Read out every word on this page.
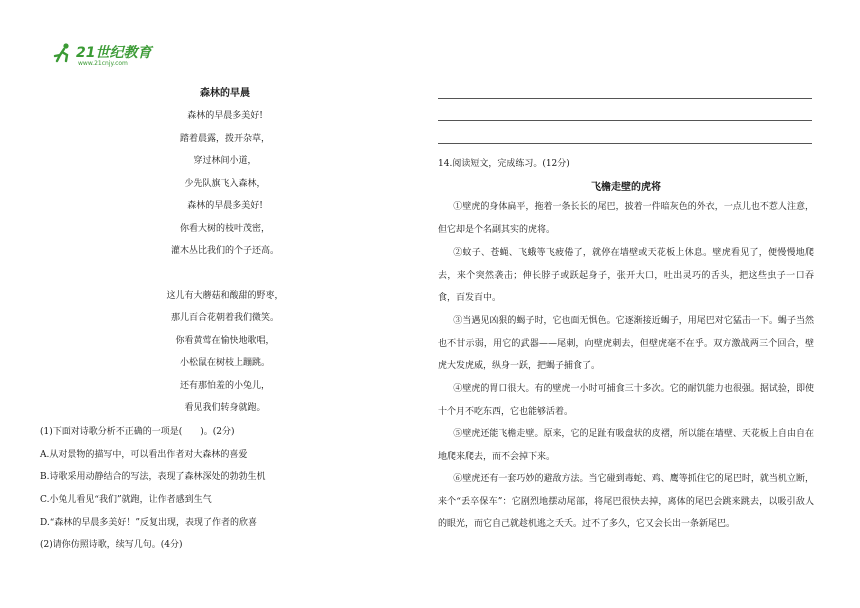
21世纪教育
www.21cnjy.com

森林的早晨

森林的早晨多美好!

踏着晨露，拨开杂草，

穿过林间小道，

少先队旗飞入森林，

森林的早晨多美好!

你看大树的枝叶茂密，

灌木丛比我们的个子还高。

这儿有大蘑菇和酸甜的野枣，

那儿百合花朝着我们微笑。

你看黄莺在愉快地歌唱，

小松鼠在树枝上蹦跳。

还有那怕羞的小兔儿，

看见我们转身就跑。

(1)下面对诗歌分析不正确的一项是(　　)。(2分)

A.从对景物的描写中，可以看出作者对大森林的喜爱

B.诗歌采用动静结合的写法，表现了森林深处的勃勃生机

C.小兔儿看见“我们”就跑，让作者感到生气

D.“森林的早晨多美好！”反复出现，表现了作者的欣喜

(2)请你仿照诗歌，续写几句。(4分)

14.阅读短文，完成练习。(12分)
飞檐走壁的虎将

①壁虎的身体扁平，拖着一条长长的尾巴，披着一件暗灰色的外衣，一点儿也不惹人注意，但它却是个名副其实的虎将。

②蚊子、苍蝇、飞蛾等飞疲倦了，就停在墙壁或天花板上休息。壁虎看见了，便慢慢地爬去，来个突然袭击；伸长脖子或跃起身子，张开大口，吐出灵巧的舌头，把这些虫子一口吞食，百发百中。

③当遇见凶狠的蝎子时，它也面无惧色。它逐渐接近蝎子，用尾巴对它猛击一下。蝎子当然也不甘示弱，用它的武器——尾刺，向壁虎刺去，但壁虎毫不在乎。双方激战两三个回合，壁虎大发虎威，纵身一跃，把蝎子捕食了。

④壁虎的胃口很大。有的壁虎一小时可捕食三十多次。它的耐饥能力也很强。据试验，即使十个月不吃东西，它也能够活着。

⑤壁虎还能飞檐走壁。原来，它的足趾有吸盘状的皮褶，所以能在墙壁、天花板上自由自在地爬来爬去，而不会掉下来。

⑥壁虎还有一套巧妙的避敌方法。当它碰到毒蛇、鸡、鹰等抓住它的尾巴时，就当机立断，来个“丢卒保车”：它剧烈地摆动尾部，将尾巴很快去掉，离体的尾巴会跳来跳去，以吸引敌人的眼光，而它自己就趁机逃之夭夭。过不了多久，它又会长出一条新尾巴。
